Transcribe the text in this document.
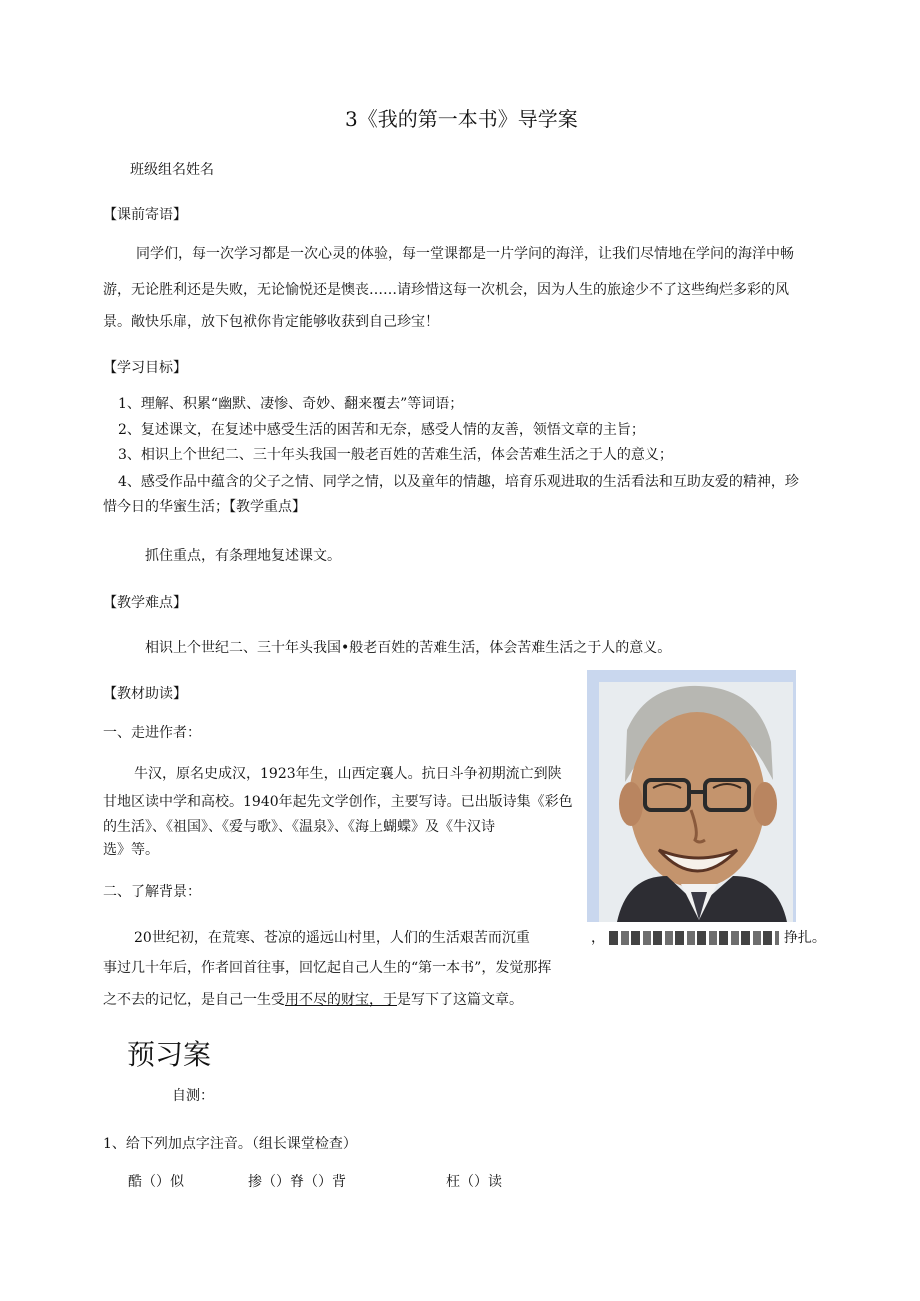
3《我的第一本书》导学案
班级组名姓名
【课前寄语】
同学们，每一次学习都是一次心灵的体验，每一堂课都是一片学问的海洋，让我们尽情地在学问的海洋中畅
游，无论胜利还是失败，无论愉悦还是懊丧……请珍惜这每一次机会，因为人生的旅途少不了这些绚烂多彩的风
景。敞快乐扉，放下包袱你肯定能够收获到自己珍宝！
【学习目标】
1、理解、积累“幽默、凄惨、奇妙、翻来覆去”等词语；
2、复述课文，在复述中感受生活的困苦和无奈，感受人情的友善，领悟文章的主旨；
3、相识上个世纪二、三十年头我国一般老百姓的苦难生活，体会苦难生活之于人的意义；
4、感受作品中蕴含的父子之情、同学之情，以及童年的情趣，培育乐观进取的生活看法和互助友爱的精神，珍
惜今日的华蜜生活；【教学重点】
抓住重点，有条理地复述课文。
【教学难点】
相识上个世纪二、三十年头我国•般老百姓的苦难生活，体会苦难生活之于人的意义。
【教材助读】
一、走进作者：
牛汉，原名史成汉，1923年生，山西定襄人。抗日斗争初期流亡到陕
甘地区读中学和高校。1940年起先文学创作，主要写诗。已出版诗集《彩色
的生活》、《祖国》、《爱与歌》、《温泉》、《海上蝴蝶》及《牛汉诗
选》等。
二、了解背景：
20世纪初，在荒寒、苍凉的遥远山村里，人们的生活艰苦而沉重	，	挣扎。
事过几十年后，作者回首往事，回忆起自己人生的“第一本书”，发觉那挥
之不去的记忆，是自己一生受用不尽的财宝，于是写下了这篇文章。
预习案
自测：
1、给下列加点字注音。（组长课堂检查）
酷（）似	掺（）脊（）背	枉（）读
